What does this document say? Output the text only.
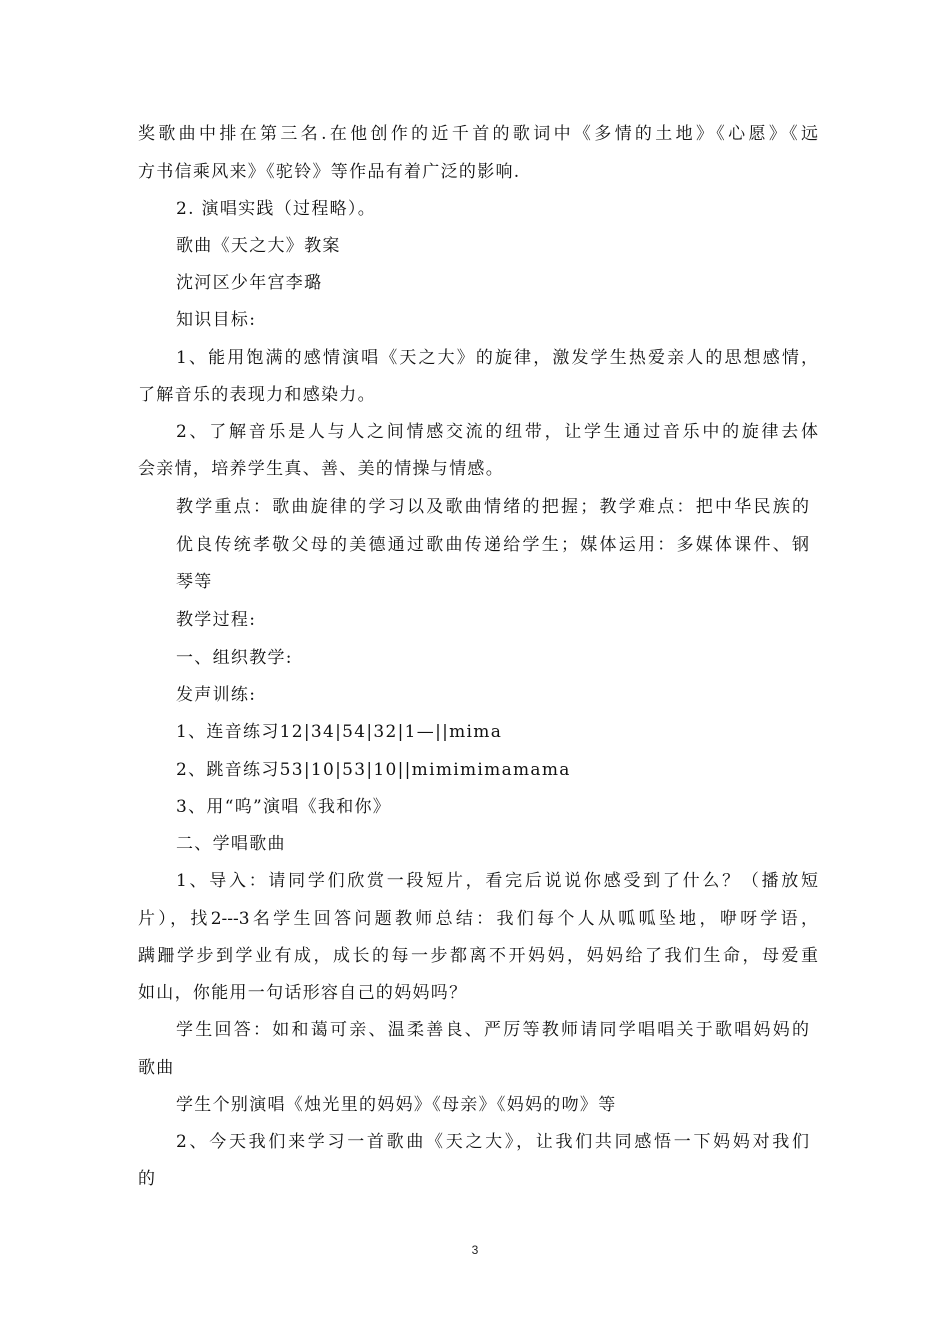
奖歌曲中排在第三名.在他创作的近千首的歌词中《多情的土地》《心愿》《远
方书信乘风来》《驼铃》等作品有着广泛的影响.
2. 演唱实践（过程略）。
歌曲《天之大》教案
沈河区少年宫李璐
知识目标:
1、能用饱满的感情演唱《天之大》的旋律，激发学生热爱亲人的思想感情，
了解音乐的表现力和感染力。
2、了解音乐是人与人之间情感交流的纽带，让学生通过音乐中的旋律去体
会亲情，培养学生真、善、美的情操与情感。
教学重点：歌曲旋律的学习以及歌曲情绪的把握；教学难点：把中华民族的
优良传统孝敬父母的美德通过歌曲传递给学生；媒体运用：多媒体课件、钢
琴等
教学过程:
一、组织教学:
发声训练:
1、连音练习12|34|54|32|1—||mima
2、跳音练习53|10|53|10||mimimimamama
3、用“呜”演唱《我和你》
二、学唱歌曲
1、导入：请同学们欣赏一段短片，看完后说说你感受到了什么？（播放短
片），找2---3名学生回答问题教师总结：我们每个人从呱呱坠地，咿呀学语，
蹒跚学步到学业有成，成长的每一步都离不开妈妈，妈妈给了我们生命，母爱重
如山，你能用一句话形容自己的妈妈吗？
学生回答：如和蔼可亲、温柔善良、严厉等教师请同学唱唱关于歌唱妈妈的
歌曲
学生个别演唱《烛光里的妈妈》《母亲》《妈妈的吻》等
2、今天我们来学习一首歌曲《天之大》，让我们共同感悟一下妈妈对我们
的
3
